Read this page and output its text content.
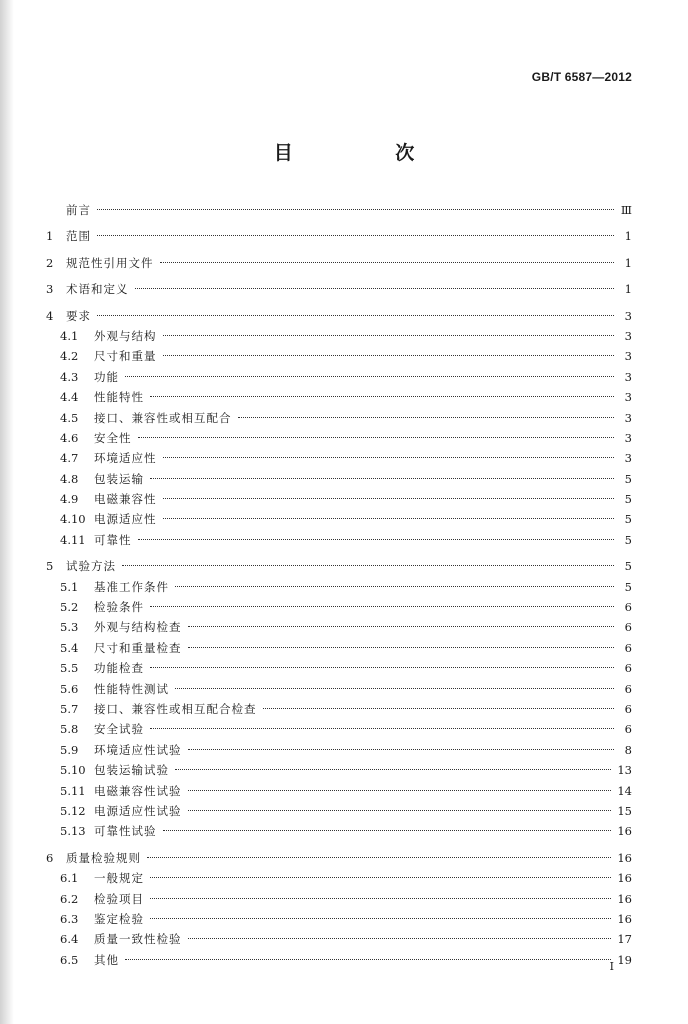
GB/T 6587—2012
目 次
前言	Ⅲ
1	范围	1
2	规范性引用文件	1
3	术语和定义	1
4	要求	3
4.1	外观与结构	3
4.2	尺寸和重量	3
4.3	功能	3
4.4	性能特性	3
4.5	接口、兼容性或相互配合	3
4.6	安全性	3
4.7	环境适应性	3
4.8	包装运输	5
4.9	电磁兼容性	5
4.10 电源适应性	5
4.11 可靠性	5
5	试验方法	5
5.1	基准工作条件	5
5.2	检验条件	6
5.3	外观与结构检查	6
5.4	尺寸和重量检查	6
5.5	功能检查	6
5.6	性能特性测试	6
5.7	接口、兼容性或相互配合检查	6
5.8	安全试验	6
5.9	环境适应性试验	8
5.10 包装运输试验	13
5.11 电磁兼容性试验	14
5.12 电源适应性试验	15
5.13 可靠性试验	16
6	质量检验规则	16
6.1	一般规定	16
6.2	检验项目	16
6.3	鉴定检验	16
6.4	质量一致性检验	17
6.5	其他	19
I
